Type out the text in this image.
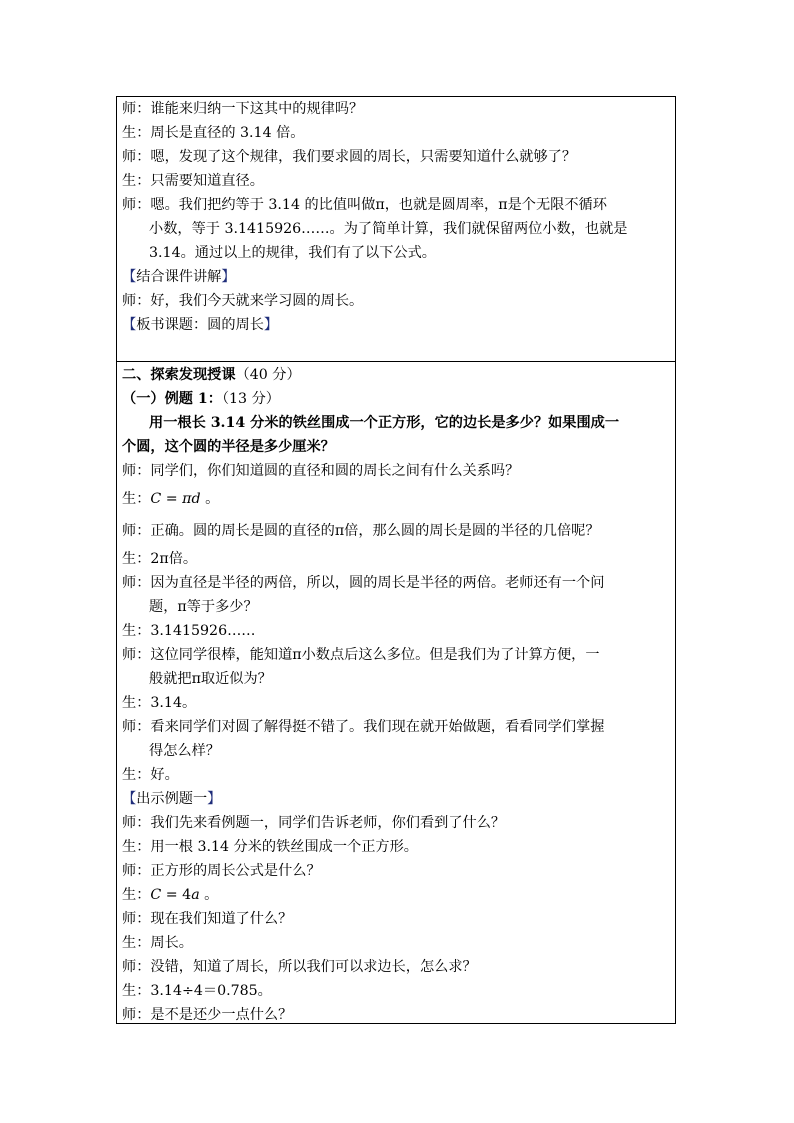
师：谁能来归纳一下这其中的规律吗？
生：周长是直径的 3.14 倍。
师：嗯，发现了这个规律，我们要求圆的周长，只需要知道什么就够了？
生：只需要知道直径。
师：嗯。我们把约等于 3.14 的比值叫做π，也就是圆周率，π是个无限不循环
小数，等于 3.1415926……。为了简单计算，我们就保留两位小数，也就是
3.14。通过以上的规律，我们有了以下公式。
【结合课件讲解】
师：好，我们今天就来学习圆的周长。
【板书课题：圆的周长】
二、探索发现授课（40 分）
（一）例题 1：（13 分）
用一根长 3.14 分米的铁丝围成一个正方形，它的边长是多少？如果围成一
个圆，这个圆的半径是多少厘米？
师：同学们，你们知道圆的直径和圆的周长之间有什么关系吗？
生：C = πd 。
师：正确。圆的周长是圆的直径的π倍，那么圆的周长是圆的半径的几倍呢？
生：2π倍。
师：因为直径是半径的两倍，所以，圆的周长是半径的两倍。老师还有一个问
题，π等于多少？
生：3.1415926……
师：这位同学很棒，能知道π小数点后这么多位。但是我们为了计算方便，一
般就把π取近似为？
生：3.14。
师：看来同学们对圆了解得挺不错了。我们现在就开始做题，看看同学们掌握
得怎么样？
生：好。
【出示例题一】
师：我们先来看例题一，同学们告诉老师，你们看到了什么？
生：用一根 3.14 分米的铁丝围成一个正方形。
师：正方形的周长公式是什么？
生：C = 4a 。
师：现在我们知道了什么？
生：周长。
师：没错，知道了周长，所以我们可以求边长，怎么求？
生：3.14÷4＝0.785。
师：是不是还少一点什么？
